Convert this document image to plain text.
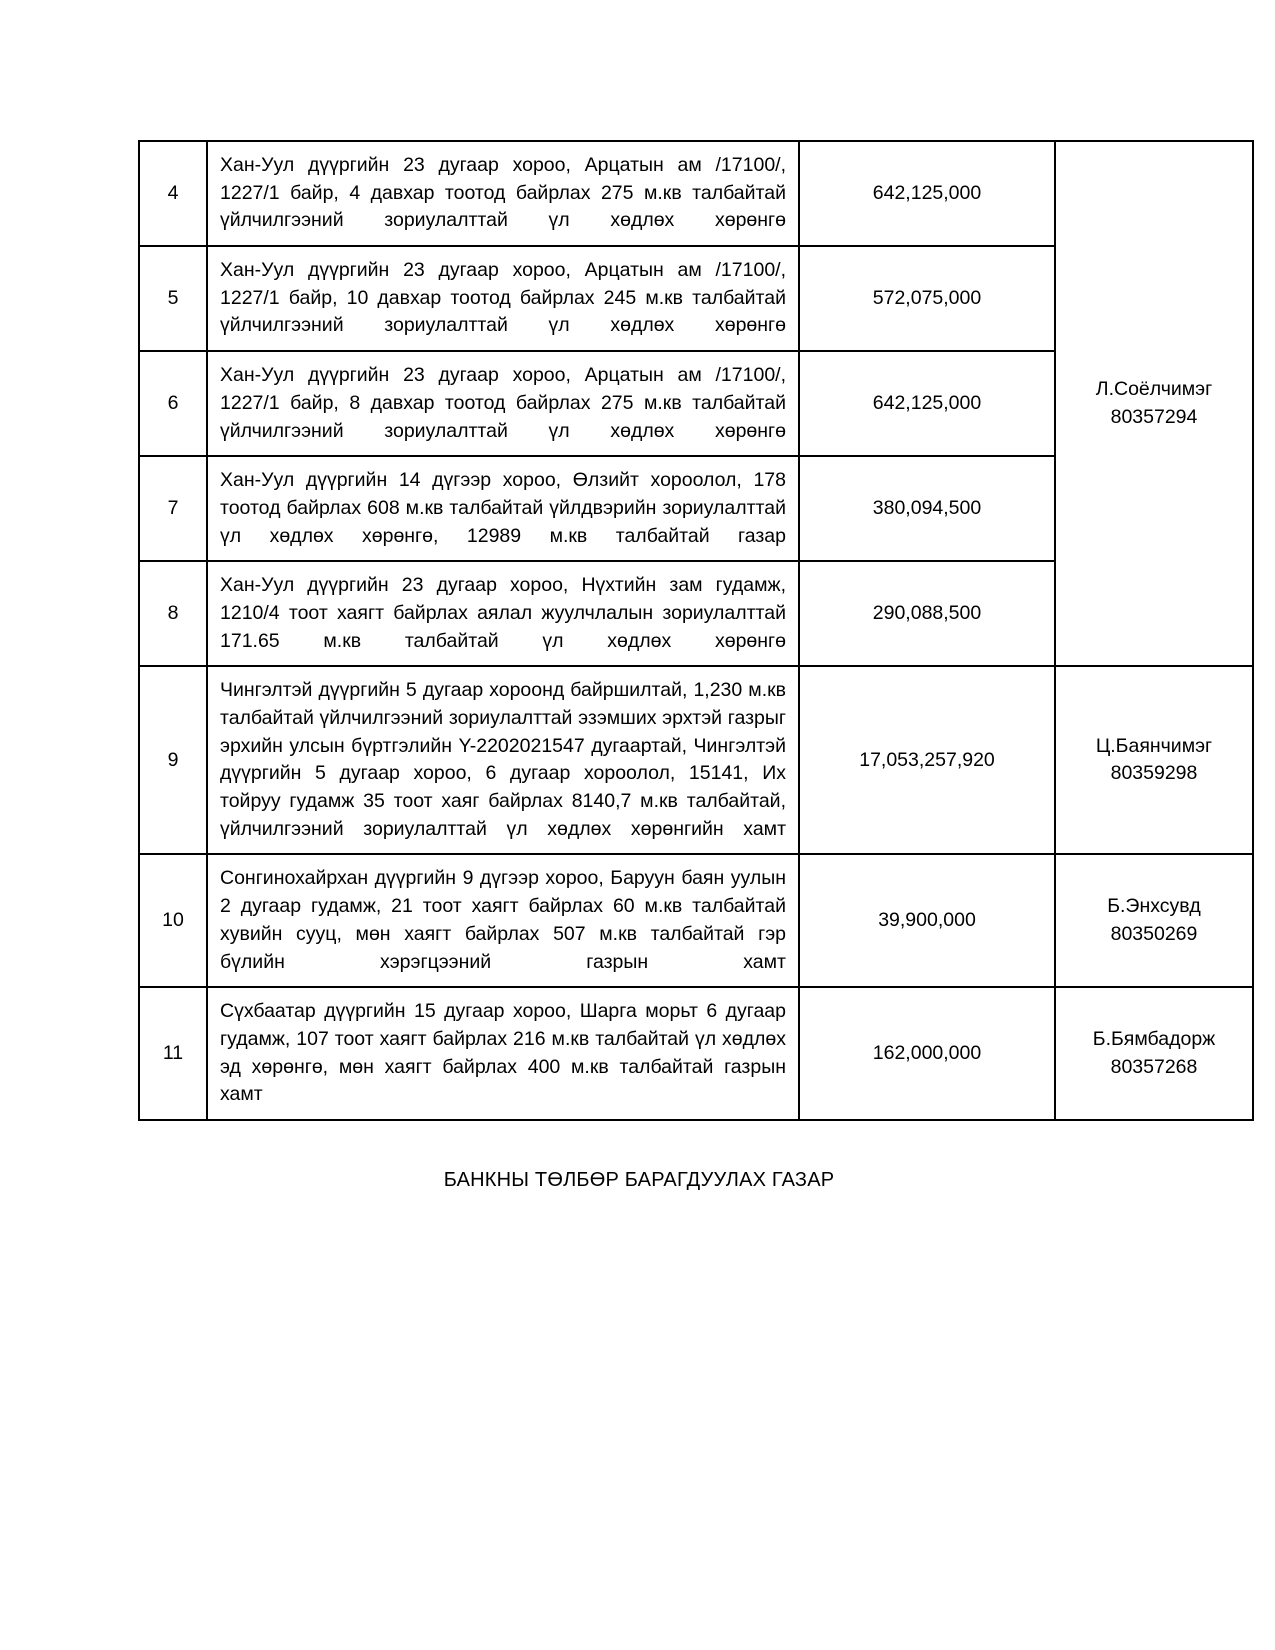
4	Хан-Уул дүүргийн 23 дугаар хороо, Арцатын ам /17100/, 1227/1 байр, 4 давхар тоотод байрлах 275 м.кв талбайтай үйлчилгээний зориулалттай үл хөдлөх хөрөнгө	642,125,000	Л.Соёлчимэг
80357294

5	Хан-Уул дүүргийн 23 дугаар хороо, Арцатын ам /17100/, 1227/1 байр, 10 давхар тоотод байрлах 245 м.кв талбайтай үйлчилгээний зориулалттай үл хөдлөх хөрөнгө	572,075,000	
6	Хан-Уул дүүргийн 23 дугаар хороо, Арцатын ам /17100/, 1227/1 байр, 8 давхар тоотод байрлах 275 м.кв талбайтай үйлчилгээний зориулалттай үл хөдлөх хөрөнгө	642,125,000	
7	Хан-Уул дүүргийн 14 дүгээр хороо, Өлзийт хороолол, 178 тоотод байрлах 608 м.кв талбайтай үйлдвэрийн зориулалттай үл хөдлөх хөрөнгө, 12989 м.кв талбайтай газар	380,094,500	
8	Хан-Уул дүүргийн 23 дугаар хороо, Нүхтийн зам гудамж, 1210/4 тоот хаягт байрлах аялал жуулчлалын зориулалттай 171.65 м.кв талбайтай үл хөдлөх хөрөнгө	290,088,500	
9	Чингэлтэй дүүргийн 5 дугаар хороонд байршилтай, 1,230 м.кв талбайтай үйлчилгээний зориулалттай эзэмших эрхтэй газрыг эрхийн улсын бүртгэлийн Y-2202021547 дугаартай, Чингэлтэй дүүргийн 5 дугаар хороо, 6 дугаар хороолол, 15141, Их тойруу гудамж 35 тоот хаяг байрлах 8140,7 м.кв талбайтай, үйлчилгээний зориулалттай үл хөдлөх хөрөнгийн хамт	17,053,257,920	Ц.Баянчимэг
80359298

10	Сонгинохайрхан дүүргийн 9 дүгээр хороо, Баруун баян уулын 2 дугаар гудамж, 21 тоот хаягт байрлах 60 м.кв талбайтай хувийн сууц, мөн хаягт байрлах 507 м.кв талбайтай гэр бүлийн хэрэгцээний газрын хамт	39,900,000	Б.Энхсувд
80350269

11	Сүхбаатар дүүргийн 15 дугаар хороо, Шарга морьт 6 дугаар гудамж, 107 тоот хаягт байрлах 216 м.кв талбайтай үл хөдлөх эд хөрөнгө, мөн хаягт байрлах 400 м.кв талбайтай газрын хамт	162,000,000	Б.Бямбадорж
80357268
БАНКНЫ ТӨЛБӨР БАРАГДУУЛАХ ГАЗАР
